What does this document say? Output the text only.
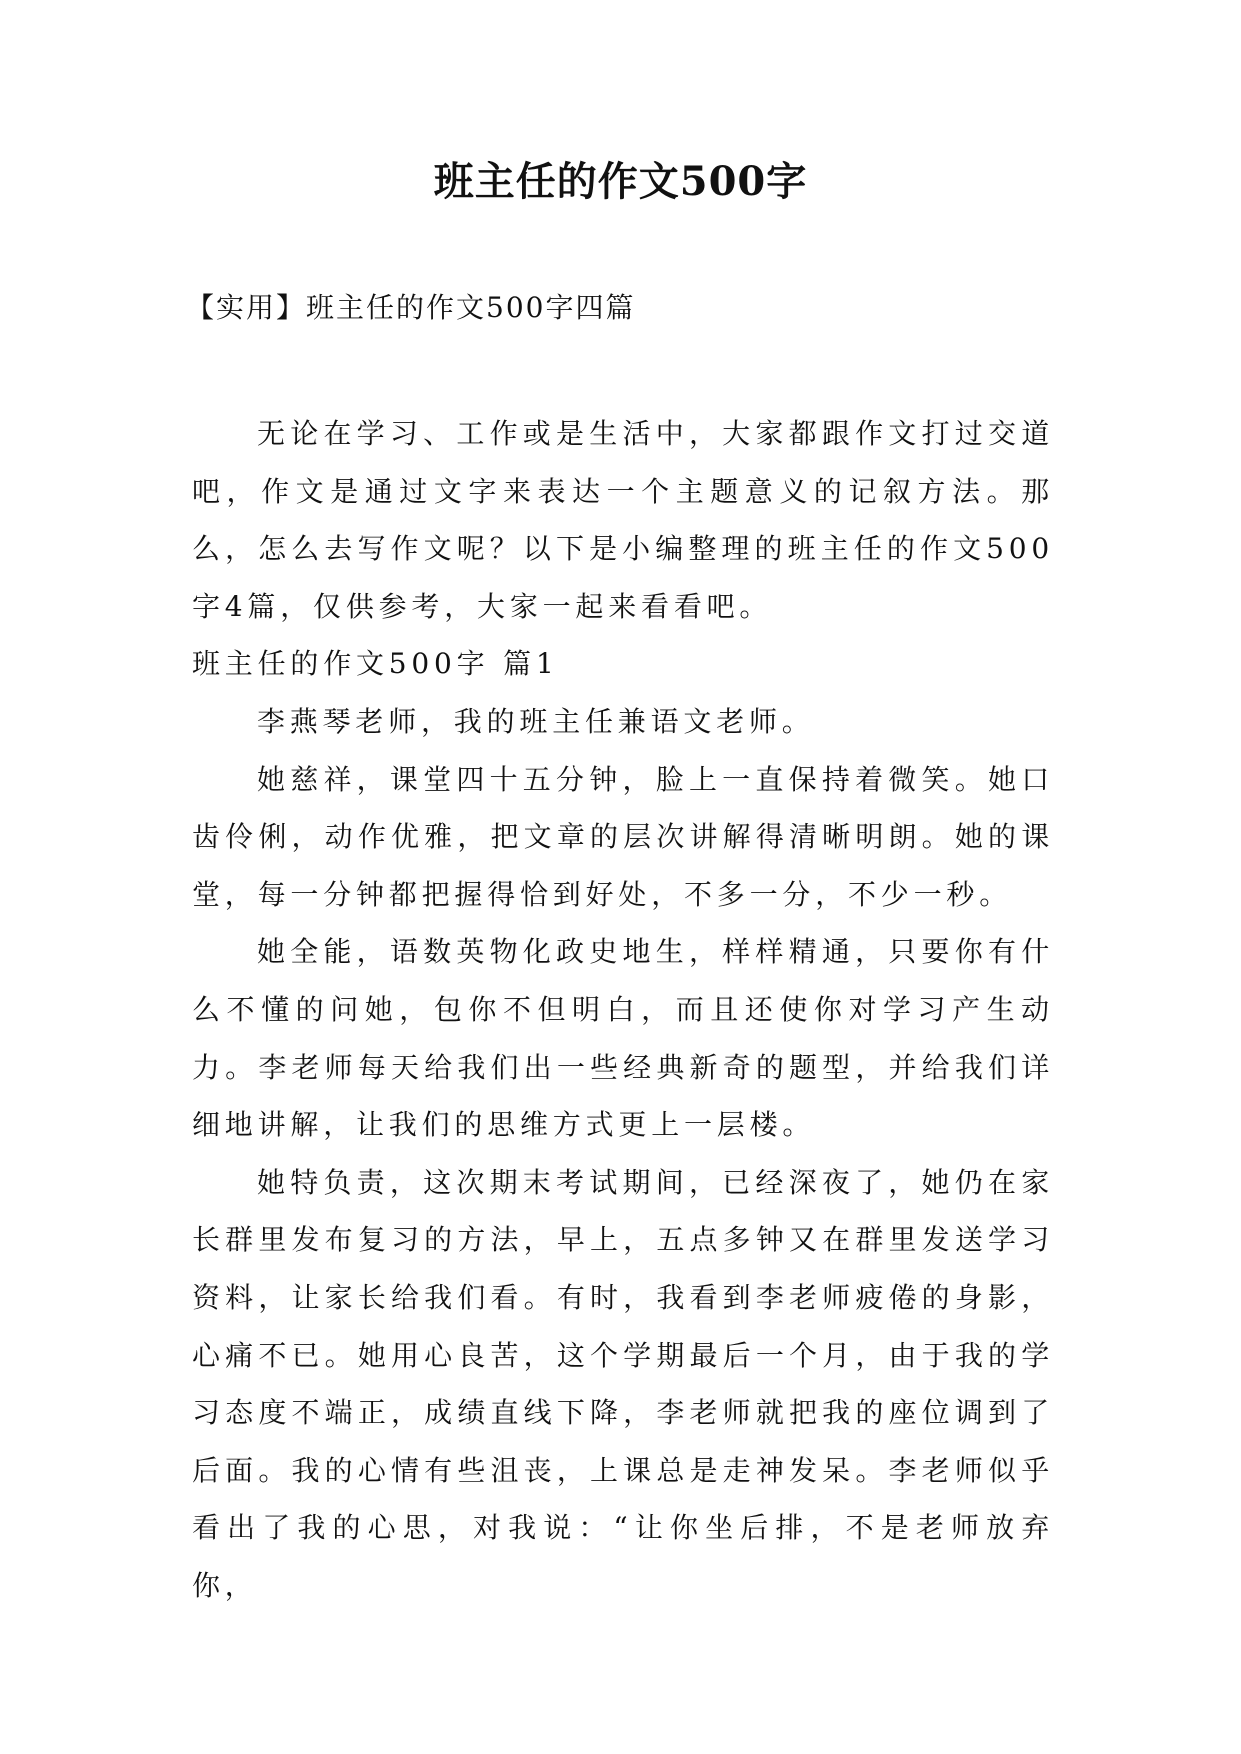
班主任的作文500字
【实用】班主任的作文500字四篇

无论在学习、工作或是生活中，大家都跟作文打过交道吧，作文是通过文字来表达一个主题意义的记叙方法。那么，怎么去写作文呢？以下是小编整理的班主任的作文500字4篇，仅供参考，大家一起来看看吧。

班主任的作文500字 篇1

李燕琴老师，我的班主任兼语文老师。

她慈祥，课堂四十五分钟，脸上一直保持着微笑。她口齿伶俐，动作优雅，把文章的层次讲解得清晰明朗。她的课堂，每一分钟都把握得恰到好处，不多一分，不少一秒。

她全能，语数英物化政史地生，样样精通，只要你有什么不懂的问她，包你不但明白，而且还使你对学习产生动力。李老师每天给我们出一些经典新奇的题型，并给我们详细地讲解，让我们的思维方式更上一层楼。

她特负责，这次期末考试期间，已经深夜了，她仍在家长群里发布复习的方法，早上，五点多钟又在群里发送学习资料，让家长给我们看。有时，我看到李老师疲倦的身影，心痛不已。她用心良苦，这个学期最后一个月，由于我的学习态度不端正，成绩直线下降，李老师就把我的座位调到了后面。我的心情有些沮丧，上课总是走神发呆。李老师似乎看出了我的心思，对我说：“让你坐后排，不是老师放弃你，
